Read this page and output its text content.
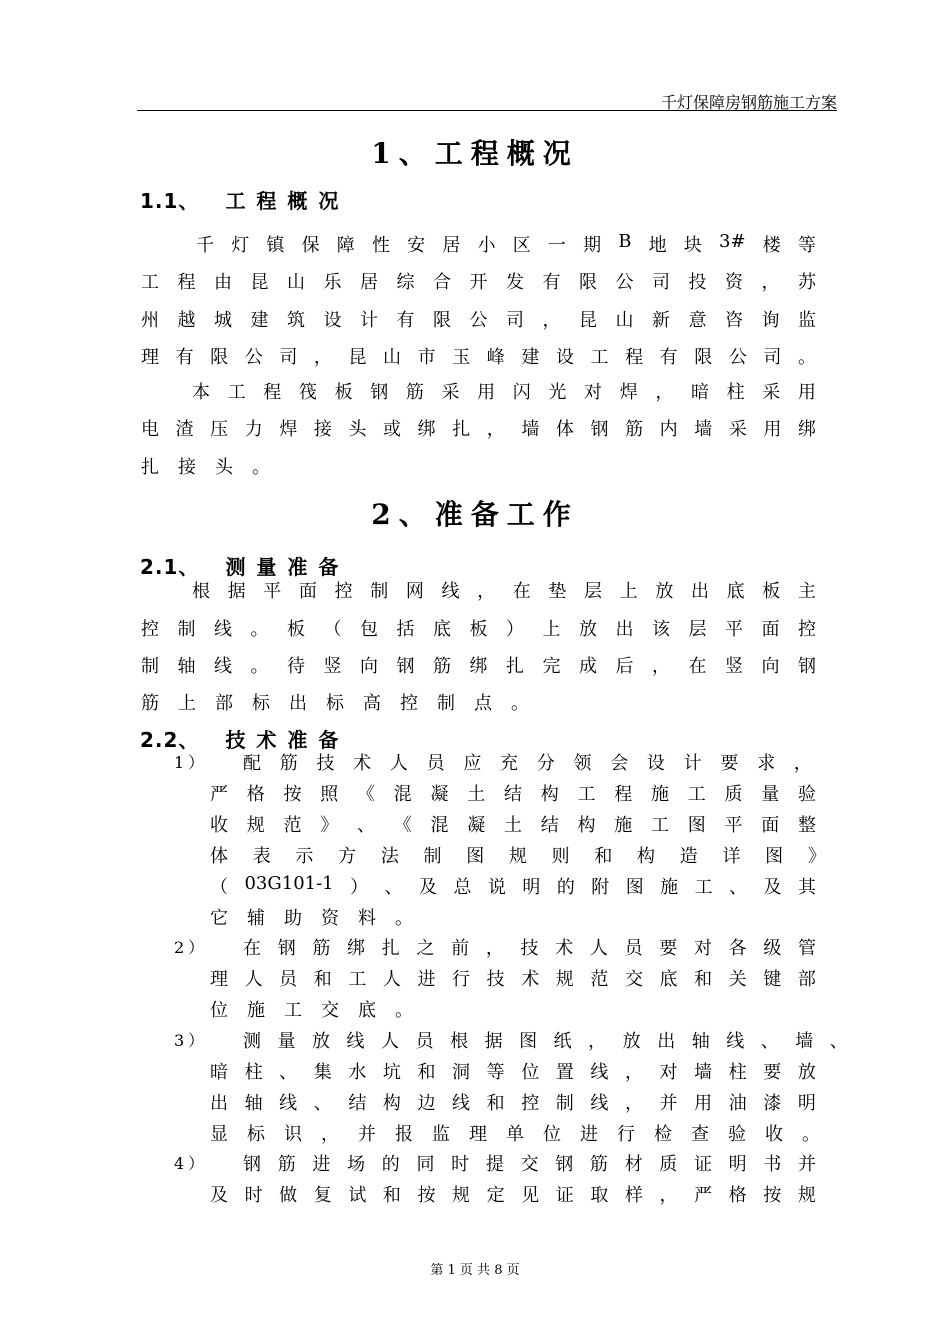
千灯保障房钢筋施工方案
1、工程概况
1.1、 工程概况
千 灯 镇 保 障 性 安 居 小 区 一 期 B 地 块 3# 楼 等
工 程 由 昆 山 乐 居 综 合 开 发 有 限 公 司 投 资 ， 苏
州 越 城 建 筑 设 计 有 限 公 司 ， 昆 山 新 意 咨 询 监
理 有 限 公 司 ， 昆 山 市 玉 峰 建 设 工 程 有 限 公 司 。
本 工 程 筏 板 钢 筋 采 用 闪 光 对 焊 ， 暗 柱 采 用
电 渣 压 力 焊 接 头 或 绑 扎 ， 墙 体 钢 筋 内 墙 采 用 绑
扎 接 头 。
2、准备工作
2.1、 测量准备
根 据 平 面 控 制 网 线 ， 在 垫 层 上 放 出 底 板 主
控 制 线 。 板 （ 包 括 底 板 ） 上 放 出 该 层 平 面 控
制 轴 线 。 待 竖 向 钢 筋 绑 扎 完 成 后 ， 在 竖 向 钢
筋 上 部 标 出 标 高 控 制 点 。
2.2、 技术准备
1） 配 筋 技 术 人 员 应 充 分 领 会 设 计 要 求 ，
严 格 按 照 《 混 凝 土 结 构 工 程 施 工 质 量 验
收 规 范 》 、 《 混 凝 土 结 构 施 工 图 平 面 整
体 表 示 方 法 制 图 规 则 和 构 造 详 图 》
（ 03G101-1 ） 、 及 总 说 明 的 附 图 施 工 、 及 其
它 辅 助 资 料 。
2） 在 钢 筋 绑 扎 之 前 ， 技 术 人 员 要 对 各 级 管
理 人 员 和 工 人 进 行 技 术 规 范 交 底 和 关 键 部
位 施 工 交 底 。
3） 测 量 放 线 人 员 根 据 图 纸 ， 放 出 轴 线 、 墙 、
暗 柱 、 集 水 坑 和 洞 等 位 置 线 ， 对 墙 柱 要 放
出 轴 线 、 结 构 边 线 和 控 制 线 ， 并 用 油 漆 明
显 标 识 ， 并 报 监 理 单 位 进 行 检 查 验 收 。
4） 钢 筋 进 场 的 同 时 提 交 钢 筋 材 质 证 明 书 并
及 时 做 复 试 和 按 规 定 见 证 取 样 ， 严 格 按 规
第 1 页 共 8 页
